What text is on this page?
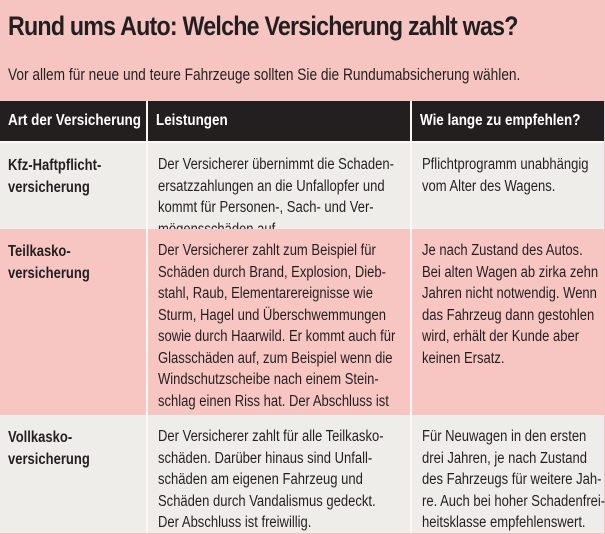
Rund ums Auto: Welche Versicherung zahlt was?
Vor allem für neue und teure Fahrzeuge sollten Sie die Rundumabsicherung wählen.
Art der Versicherung Leistungen	Wie lange zu empfehlen?
Kfz-Haftpflicht-
versicherung
Der Versicherer übernimmt die Schaden-
ersatzzahlungen an die Unfallopfer und
kommt für Personen-, Sach- und Ver-
Pflichtprogramm unabhängig
vom Alter des Wagens.
Teilkasko-
versicherung
Der Versicherer zahlt zum Beispiel für
Schäden durch Brand, Explosion, Dieb-
stahl, Raub, Elementarereignisse wie
Sturm, Hagel und Überschwemmungen
sowie durch Haarwild. Er kommt auch für
Glasschäden auf, zum Beispiel wenn die
Windschutzscheibe nach einem Stein-
schlag einen Riss hat. Der Abschluss ist
Je nach Zustand des Autos.
Bei alten Wagen ab zirka zehn
Jahren nicht notwendig. Wenn
das Fahrzeug dann gestohlen
wird, erhält der Kunde aber
keinen Ersatz.
Vollkasko-
versicherung
Der Versicherer zahlt für alle Teilkasko-
schäden. Darüber hinaus sind Unfall-
schäden am eigenen Fahrzeug und
Schäden durch Vandalismus gedeckt.
Der Abschluss ist freiwillig.
Für Neuwagen in den ersten
drei Jahren, je nach Zustand
des Fahrzeugs für weitere Jah-
re. Auch bei hoher Schadenfrei-
heitsklasse empfehlenswert.
